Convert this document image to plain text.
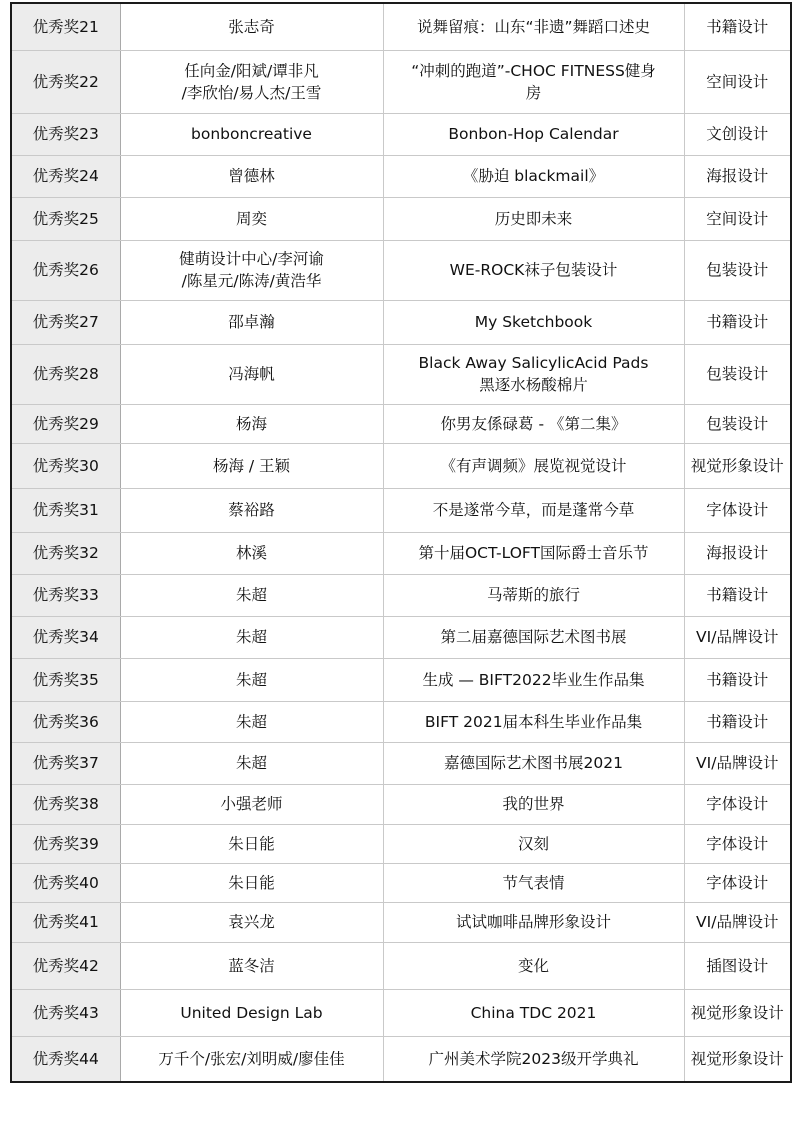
优秀奖21	张志奇	说舞留痕：山东“非遗”舞蹈口述史	书籍设计
优秀奖22	任向金/阳斌/谭非凡
/李欣怡/易人杰/王雪	“冲刺的跑道”-CHOC FITNESS健身
房	空间设计
优秀奖23	bonboncreative	Bonbon-Hop Calendar	文创设计
优秀奖24	曾德林	《胁迫 blackmail》	海报设计
优秀奖25	周奕	历史即未来	空间设计
优秀奖26	健萌设计中心/李河谕
/陈星元/陈涛/黄浩华	WE-ROCK袜子包装设计	包装设计
优秀奖27	邵卓瀚	My Sketchbook	书籍设计
优秀奖28	冯海帆	Black Away SalicylicAcid Pads
黑逐水杨酸棉片	包装设计
优秀奖29	杨海	你男友係碌葛 - 《第二集》	包装设计
优秀奖30	杨海 / 王颖	《有声调频》展览视觉设计	视觉形象设计
优秀奖31	蔡裕路	不是遂常今草，而是蓬常今草	字体设计
优秀奖32	林溪	第十届OCT-LOFT国际爵士音乐节	海报设计
优秀奖33	朱超	马蒂斯的旅行	书籍设计
优秀奖34	朱超	第二届嘉德国际艺术图书展	VI/品牌设计
优秀奖35	朱超	生成 — BIFT2022毕业生作品集	书籍设计
优秀奖36	朱超	BIFT 2021届本科生毕业作品集	书籍设计
优秀奖37	朱超	嘉德国际艺术图书展2021	VI/品牌设计
优秀奖38	小强老师	我的世界	字体设计
优秀奖39	朱日能	汉刻	字体设计
优秀奖40	朱日能	节气表情	字体设计
优秀奖41	袁兴龙	试试咖啡品牌形象设计	VI/品牌设计
优秀奖42	蓝冬洁	变化	插图设计
优秀奖43	United Design Lab	China TDC 2021	视觉形象设计
优秀奖44	万千个/张宏/刘明威/廖佳佳	广州美术学院2023级开学典礼	视觉形象设计
